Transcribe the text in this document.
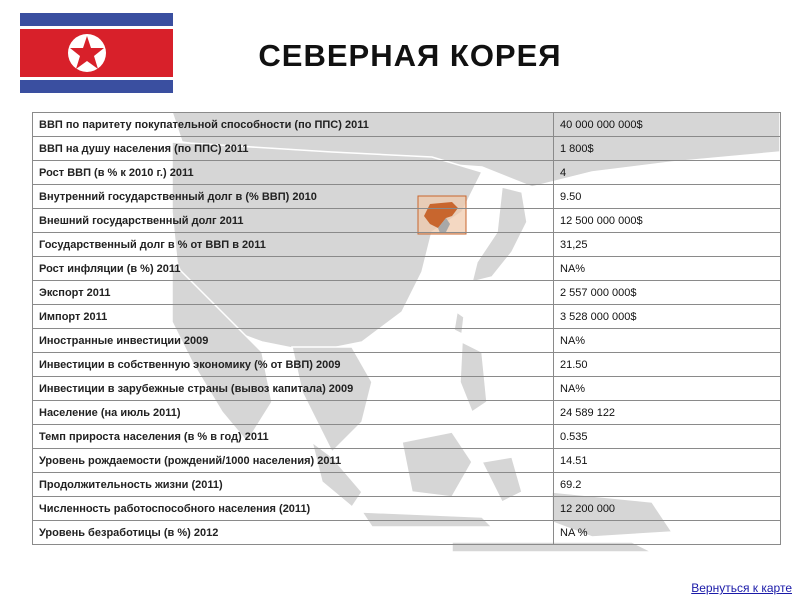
СЕВЕРНАЯ КОРЕЯ
ВВП по паритету покупательной способности (по ППС) 2011	40 000 000 000$
ВВП на душу населения (по ППС) 2011	1 800$
Рост ВВП (в % к 2010 г.) 2011	4
Внутренний государственный долг в (% ВВП) 2010	9.50
Внешний государственный долг 2011	12 500 000 000$
Государственный долг в % от ВВП в 2011	31,25
Рост инфляции (в %) 2011	NA%
Экспорт 2011	2 557 000 000$
Импорт 2011	3 528 000 000$
Иностранные инвестиции 2009	NA%
Инвестиции в собственную экономику (% от ВВП) 2009	21.50
Инвестиции в зарубежные страны (вывоз капитала) 2009	NA%
Население (на июль 2011)	24 589 122
Темп прироста населения (в % в год) 2011	0.535
Уровень рождаемости (рождений/1000 населения) 2011	14.51
Продолжительность жизни (2011)	69.2
Численность работоспособного населения (2011)	12 200 000
Уровень безработицы (в %) 2012	NA %
Вернуться к карте
